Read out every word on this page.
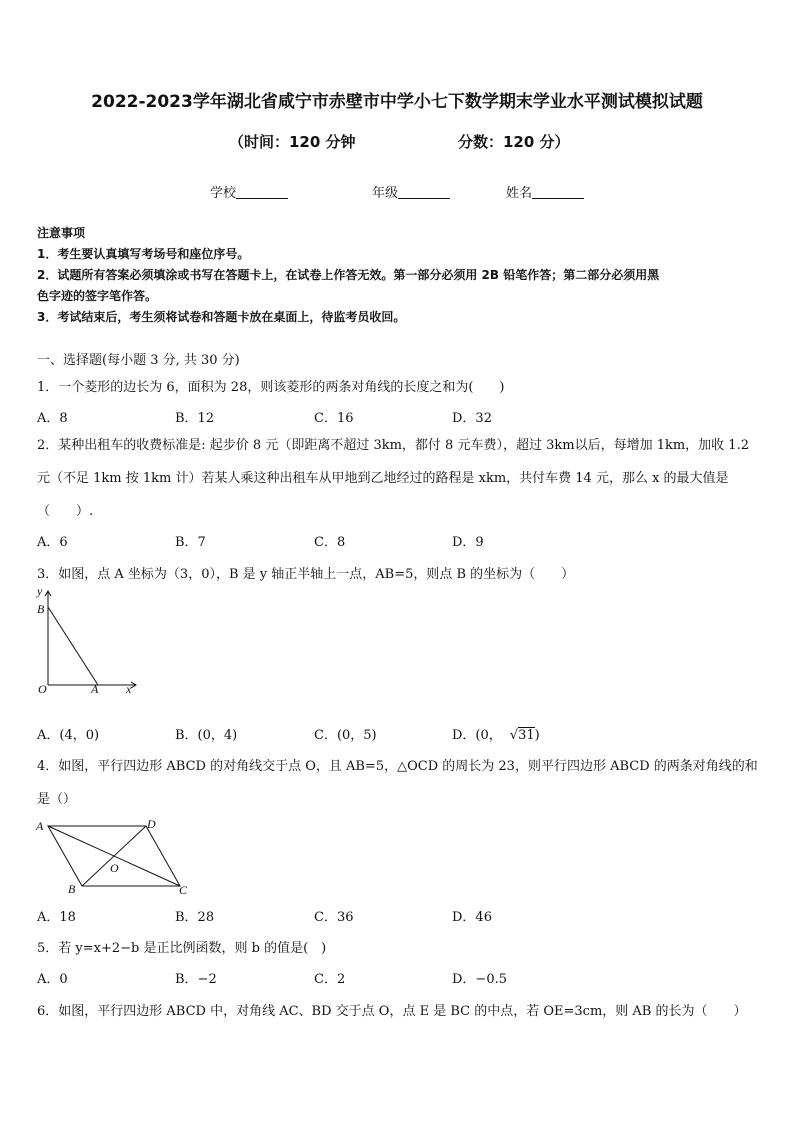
2022-2023学年湖北省咸宁市赤壁市中学小七下数学期末学业水平测试模拟试题
（时间：120 分钟	分数：120 分）
学校	年级	姓名
注意事项
1．考生要认真填写考场号和座位序号。
2．试题所有答案必须填涂或书写在答题卡上，在试卷上作答无效。第一部分必须用 2B 铅笔作答；第二部分必须用黑
色字迹的签字笔作答。
3．考试结束后，考生须将试卷和答题卡放在桌面上，待监考员收回。
一、选择题(每小题 3 分, 共 30 分)
1．一个菱形的边长为 6，面积为 28，则该菱形的两条对角线的长度之和为(　　)
A．8	B．12	C．16	D．32
2．某种出租车的收费标准是: 起步价 8 元（即距离不超过 3km，都付 8 元车费），超过 3km以后，每增加 1km，加收 1.2 元（不足 1km 按 1km 计）若某人乘这种出租车从甲地到乙地经过的路程是 xkm，共付车费 14 元，那么 x 的最大值是（　　）.
A．6	B．7	C．8	D．9
3．如图，点 A 坐标为（3，0），B 是 y 轴正半轴上一点，AB=5，则点 B 的坐标为（　　）
y
B
O	A x
A．(4，0)	B．(0，4)	C．(0，5)	D．(0， √31)
4．如图，平行四边形 ABCD 的对角线交于点 O，且 AB=5，△OCD 的周长为 23，则平行四边形 ABCD 的两条对角线的和是（）
A	D
O
B	C
A．18	B．28	C．36	D．46
5．若 y=x+2−b 是正比例函数，则 b 的值是(　)
A．0	B．−2	C．2	D．−0.5
6．如图，平行四边形 ABCD 中，对角线 AC、BD 交于点 O，点 E 是 BC 的中点，若 OE=3cm，则 AB 的长为（　　）
